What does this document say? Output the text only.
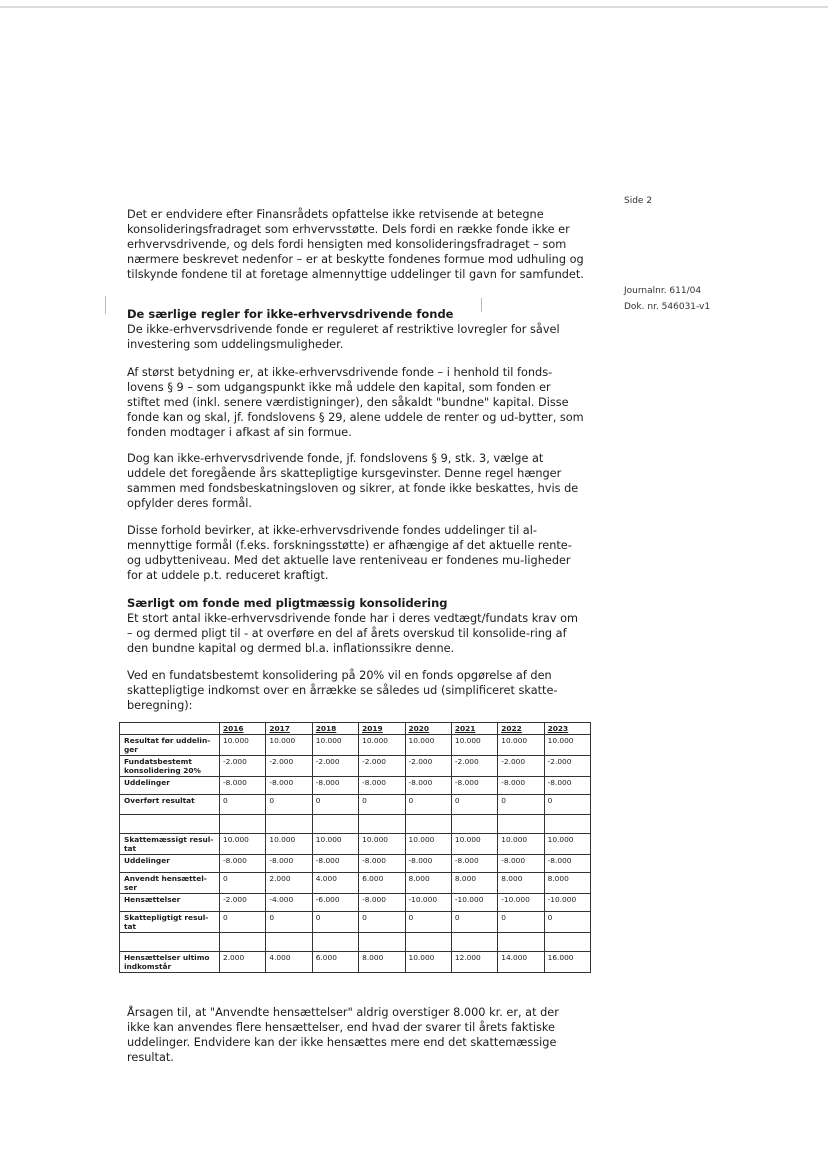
Side 2
Journalnr. 611/04
Dok. nr. 546031-v1

Det er endvidere efter Finansrådets opfattelse ikke retvisende at betegne konsolideringsfradraget som erhvervsstøtte. Dels fordi en række fonde ikke er erhvervsdrivende, og dels fordi hensigten med konsolideringsfradraget – som nærmere beskrevet nedenfor – er at beskytte fondenes formue mod udhuling og tilskynde fondene til at foretage almennyttige uddelinger til gavn for samfundet.

De særlige regler for ikke-erhvervsdrivende fonde

De ikke-erhvervsdrivende fonde er reguleret af restriktive lovregler for såvel investering som uddelingsmuligheder.

Af størst betydning er, at ikke-erhvervsdrivende fonde – i henhold til fonds-lovens § 9 – som udgangspunkt ikke må uddele den kapital, som fonden er stiftet med (inkl. senere værdistigninger), den såkaldt "bundne" kapital. Disse fonde kan og skal, jf. fondslovens § 29, alene uddele de renter og ud-bytter, som fonden modtager i afkast af sin formue.

Dog kan ikke-erhvervsdrivende fonde, jf. fondslovens § 9, stk. 3, vælge at uddele det foregående års skattepligtige kursgevinster. Denne regel hænger sammen med fondsbeskatningsloven og sikrer, at fonde ikke beskattes, hvis de opfylder deres formål.

Disse forhold bevirker, at ikke-erhvervsdrivende fondes uddelinger til al-mennyttige formål (f.eks. forskningsstøtte) er afhængige af det aktuelle rente- og udbytteniveau. Med det aktuelle lave renteniveau er fondenes mu-ligheder for at uddele p.t. reduceret kraftigt.

Særligt om fonde med pligtmæssig konsolidering

Et stort antal ikke-erhvervsdrivende fonde har i deres vedtægt/fundats krav om – og dermed pligt til - at overføre en del af årets overskud til konsolide-ring af den bundne kapital og dermed bl.a. inflationssikre denne.

Ved en fundatsbestemt konsolidering på 20% vil en fonds opgørelse af den skattepligtige indkomst over en årrække se således ud (simplificeret skatte-beregning):

	2016	2017	2018	2019	2020	2021	2022	2023
Resultat før uddelin-ger	10.000	10.000	10.000	10.000	10.000	10.000	10.000	10.000
Fundatsbestemt konsolidering 20%	-2.000	-2.000	-2.000	-2.000	-2.000	-2.000	-2.000	-2.000
Uddelinger	-8.000	-8.000	-8.000	-8.000	-8.000	-8.000	-8.000	-8.000
Overført resultat	0	0	0	0	0	0	0	0

Skattemæssigt resul-tat	10.000	10.000	10.000	10.000	10.000	10.000	10.000	10.000
Uddelinger	-8.000	-8.000	-8.000	-8.000	-8.000	-8.000	-8.000	-8.000
Anvendt hensættel-ser	0	2.000	4.000	6.000	8.000	8.000	8.000	8.000
Hensættelser	-2.000	-4.000	-6.000	-8.000	-10.000	-10.000	-10.000	-10.000
Skattepligtigt resul-tat	0	0	0	0	0	0	0	0

Hensættelser ultimo indkomstår	2.000	4.000	6.000	8.000	10.000	12.000	14.000	16.000

Årsagen til, at "Anvendte hensættelser" aldrig overstiger 8.000 kr. er, at der ikke kan anvendes flere hensættelser, end hvad der svarer til årets faktiske uddelinger. Endvidere kan der ikke hensættes mere end det skattemæssige resultat.
